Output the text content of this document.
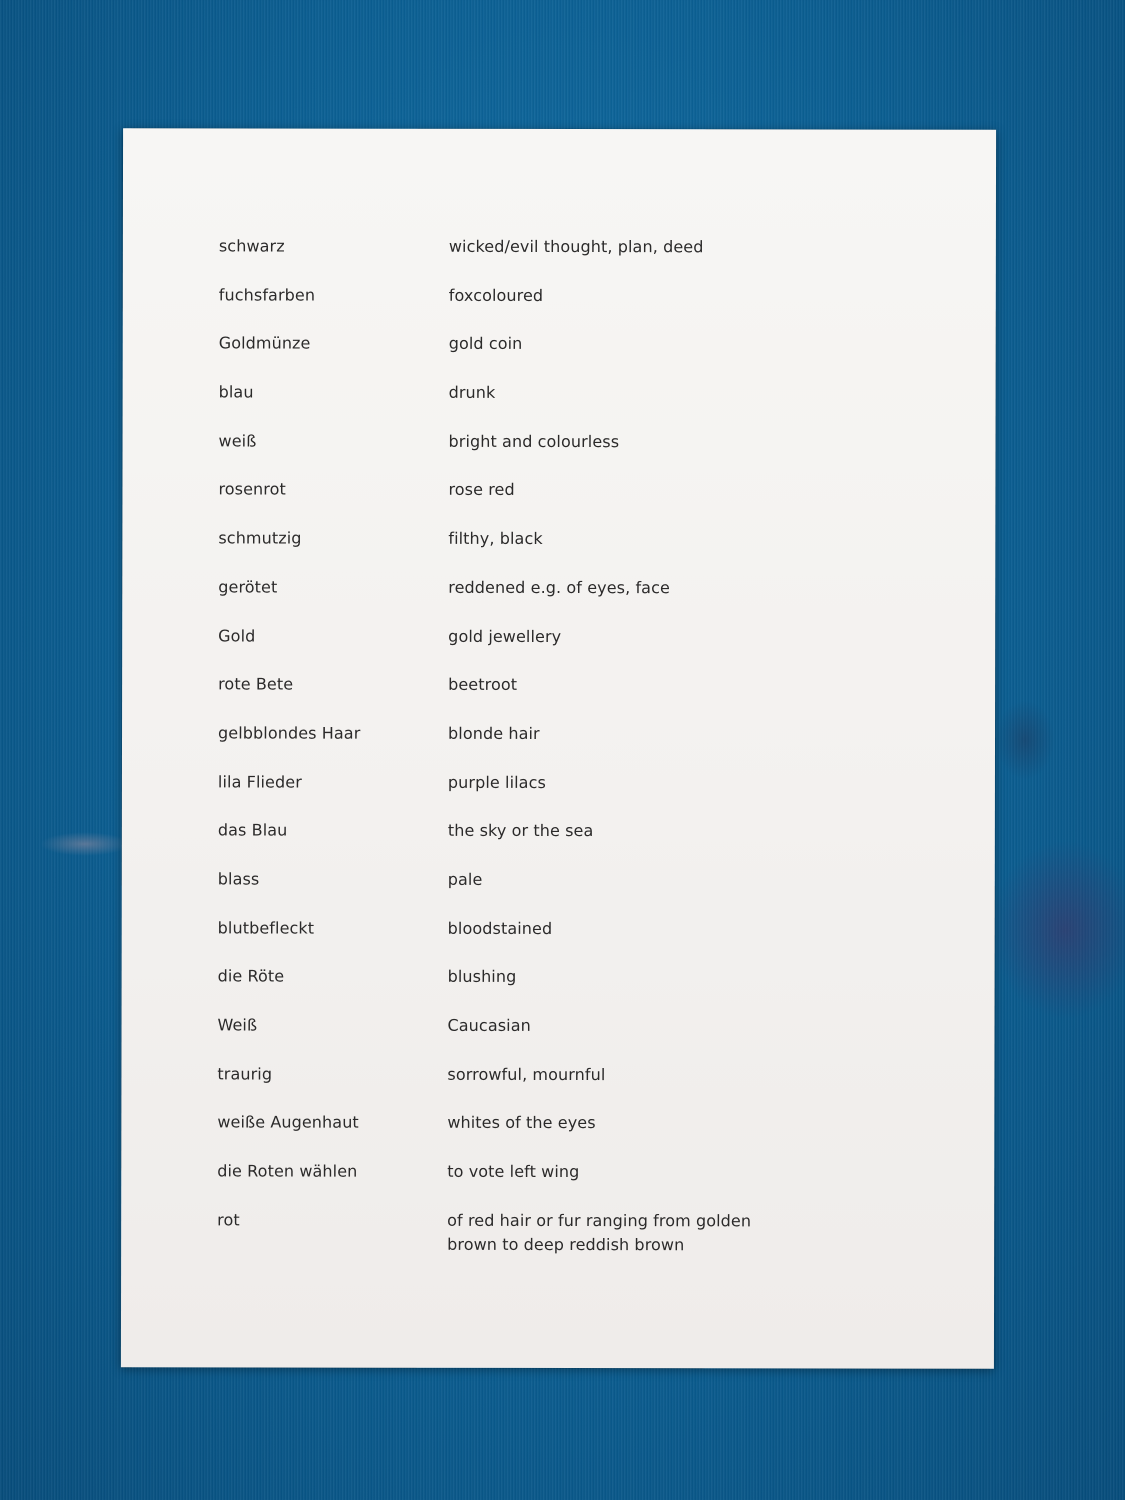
schwarz	wicked/evil thought, plan, deed
fuchsfarben	foxcoloured
Goldmünze	gold coin
blau	drunk
weiß	bright and colourless
rosenrot	rose red
schmutzig	filthy, black
gerötet	reddened e.g. of eyes, face
Gold	gold jewellery
rote Bete	beetroot
gelbblondes Haar	blonde hair
lila Flieder	purple lilacs
das Blau	the sky or the sea
blass	pale
blutbefleckt	bloodstained
die Röte	blushing
Weiß	Caucasian
traurig	sorrowful, mournful
weiße Augenhaut	whites of the eyes
die Roten wählen	to vote left wing
rot	of red hair or fur ranging from golden brown to deep reddish brown
